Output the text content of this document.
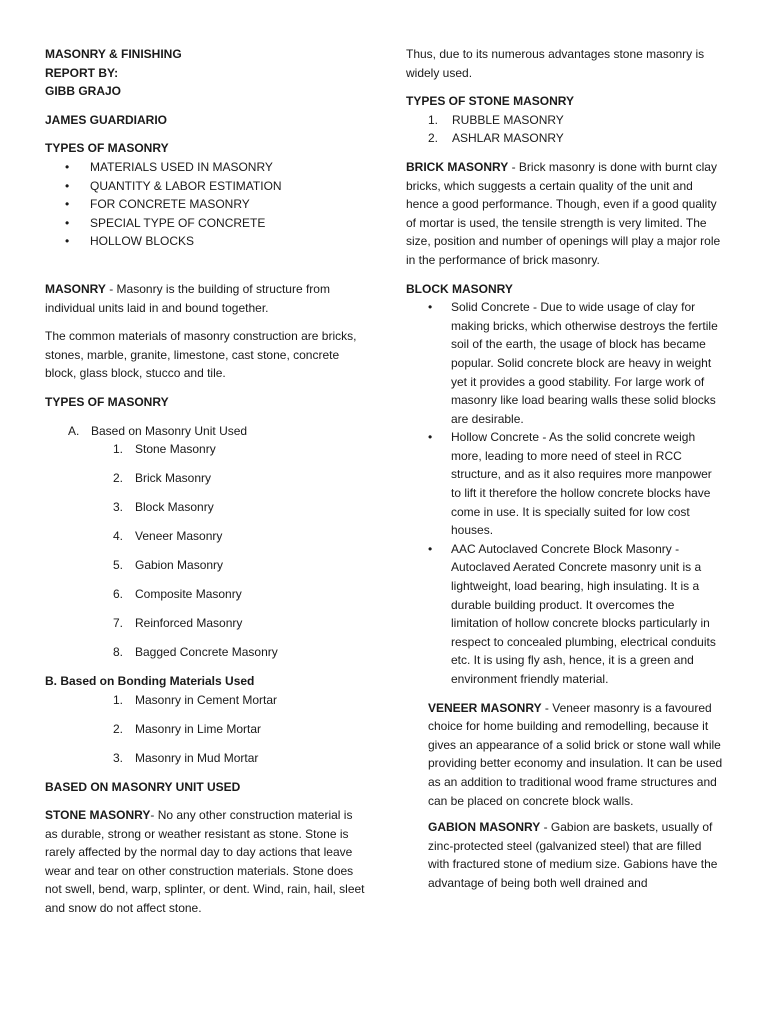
MASONRY & FINISHING

REPORT BY:

GIBB GRAJO

JAMES GUARDIARIO

TYPES OF MASONRY

• MATERIALS USED IN MASONRY
• QUANTITY & LABOR ESTIMATION
• FOR CONCRETE MASONRY
• SPECIAL TYPE OF CONCRETE
• HOLLOW BLOCKS

MASONRY - Masonry is the building of structure from individual units laid in and bound together.

The common materials of masonry construction are bricks, stones, marble, granite, limestone, cast stone, concrete block, glass block, stucco and tile.

TYPES OF MASONRY

A. Based on Masonry Unit Used

1. Stone Masonry
2. Brick Masonry
3. Block Masonry
4. Veneer Masonry
5. Gabion Masonry
6. Composite Masonry
7. Reinforced Masonry
8. Bagged Concrete Masonry

B. Based on Bonding Materials Used

1. Masonry in Cement Mortar
2. Masonry in Lime Mortar
3. Masonry in Mud Mortar

BASED ON MASONRY UNIT USED

STONE MASONRY- No any other construction material is as durable, strong or weather resistant as stone. Stone is rarely affected by the normal day to day actions that leave wear and tear on other construction materials. Stone does not swell, bend, warp, splinter, or dent. Wind, rain, hail, sleet and snow do not affect stone.

Thus, due to its numerous advantages stone masonry is widely used.

TYPES OF STONE MASONRY

1. RUBBLE MASONRY
2. ASHLAR MASONRY

BRICK MASONRY - Brick masonry is done with burnt clay bricks, which suggests a certain quality of the unit and hence a good performance. Though, even if a good quality of mortar is used, the tensile strength is very limited. The size, position and number of openings will play a major role in the performance of brick masonry.

BLOCK MASONRY

• Solid Concrete - Due to wide usage of clay for making bricks, which otherwise destroys the fertile soil of the earth, the usage of block has became popular. Solid concrete block are heavy in weight yet it provides a good stability. For large work of masonry like load bearing walls these solid blocks are desirable.
• Hollow Concrete - As the solid concrete weigh more, leading to more need of steel in RCC structure, and as it also requires more manpower to lift it therefore the hollow concrete blocks have come in use. It is specially suited for low cost houses.
• AAC Autoclaved Concrete Block Masonry - Autoclaved Aerated Concrete masonry unit is a lightweight, load bearing, high insulating. It is a durable building product. It overcomes the limitation of hollow concrete blocks particularly in respect to concealed plumbing, electrical conduits etc. It is using fly ash, hence, it is a green and environment friendly material.

VENEER MASONRY - Veneer masonry is a favoured choice for home building and remodelling, because it gives an appearance of a solid brick or stone wall while providing better economy and insulation. It can be used as an addition to traditional wood frame structures and can be placed on concrete block walls.

GABION MASONRY - Gabion are baskets, usually of zinc-protected steel (galvanized steel) that are filled with fractured stone of medium size. Gabions have the advantage of being both well drained and
